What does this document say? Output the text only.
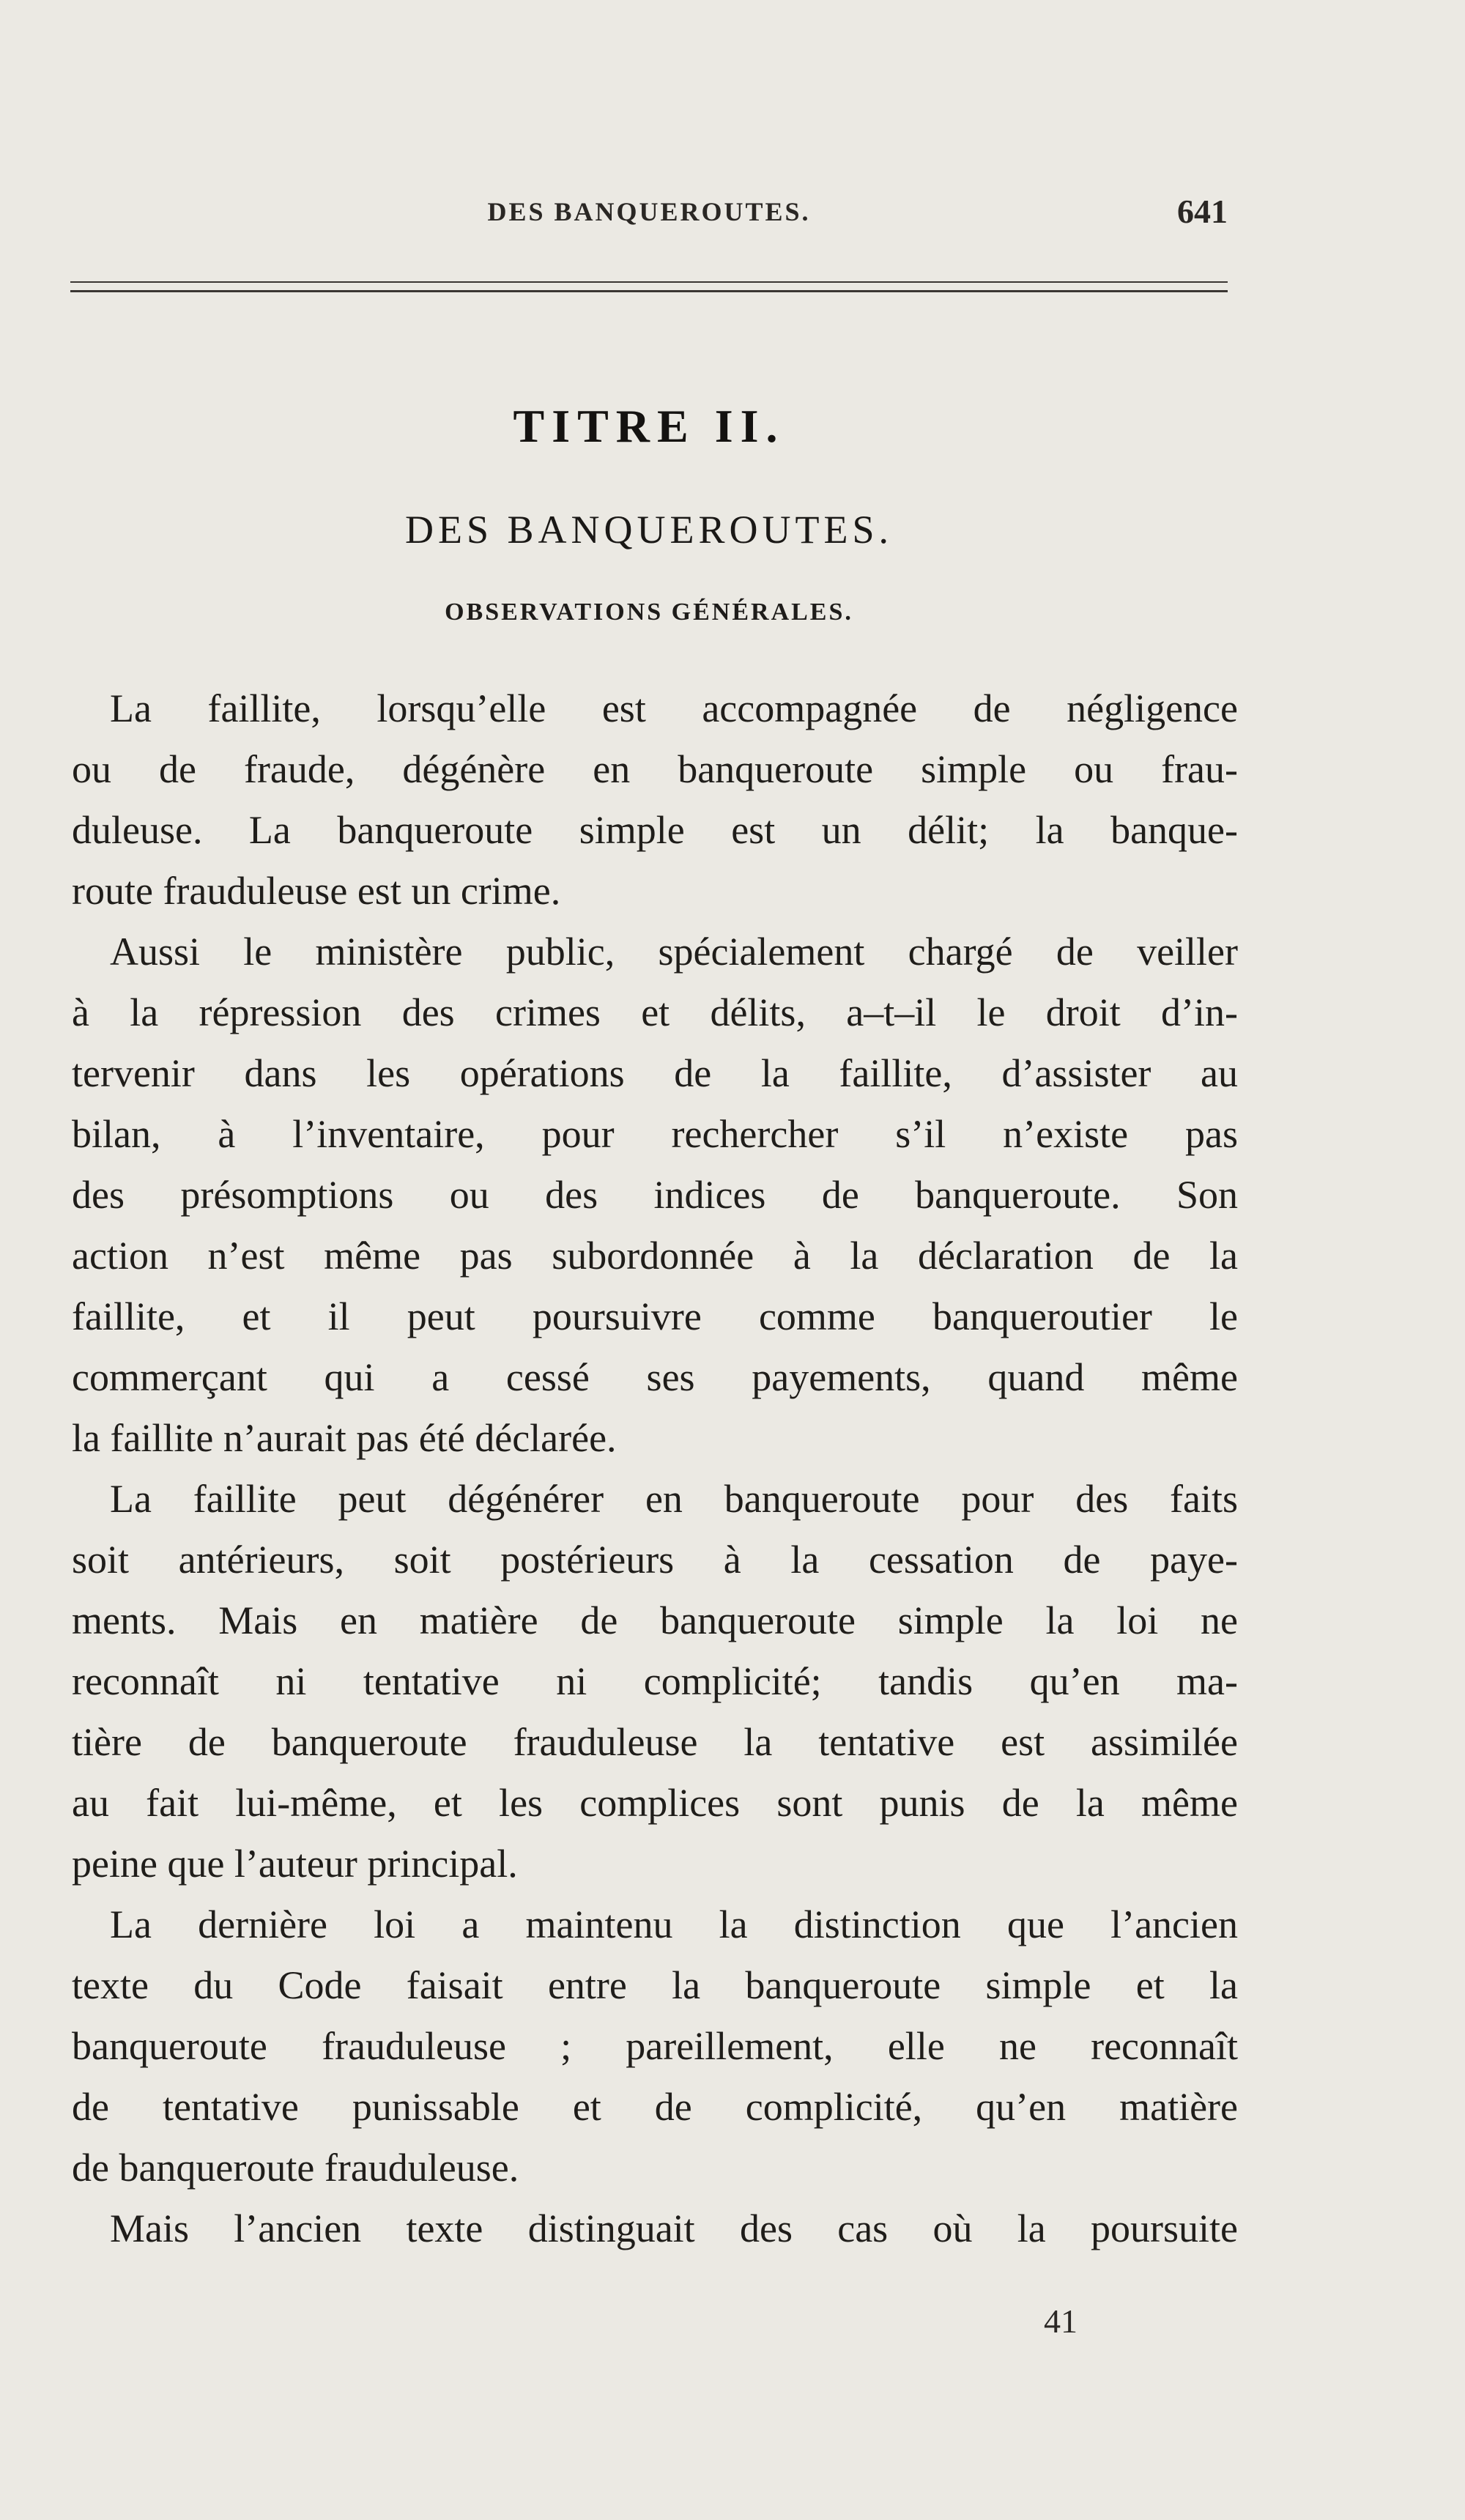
DES BANQUEROUTES.	641
TITRE II.
DES BANQUEROUTES.
OBSERVATIONS GÉNÉRALES.
La faillite, lorsqu’elle est accompagnée de négligence
ou de fraude, dégénère en banqueroute simple ou frau-
duleuse. La banqueroute simple est un délit; la banque-
route frauduleuse est un crime.
Aussi le ministère public, spécialement chargé de veiller
à la répression des crimes et délits, a–t–il le droit d’in-
tervenir dans les opérations de la faillite, d’assister au
bilan, à l’inventaire, pour rechercher s’il n’existe pas
des présomptions ou des indices de banqueroute. Son
action n’est même pas subordonnée à la déclaration de la
faillite, et il peut poursuivre comme banqueroutier le
commerçant qui a cessé ses payements, quand même
la faillite n’aurait pas été déclarée.
La faillite peut dégénérer en banqueroute pour des faits
soit antérieurs, soit postérieurs à la cessation de paye-
ments. Mais en matière de banqueroute simple la loi ne
reconnaît ni tentative ni complicité; tandis qu’en ma-
tière de banqueroute frauduleuse la tentative est assimilée
au fait lui-même, et les complices sont punis de la même
peine que l’auteur principal.
La dernière loi a maintenu la distinction que l’ancien
texte du Code faisait entre la banqueroute simple et la
banqueroute frauduleuse ; pareillement, elle ne reconnaît
de tentative punissable et de complicité, qu’en matière
de banqueroute frauduleuse.
Mais l’ancien texte distinguait des cas où la poursuite
41
